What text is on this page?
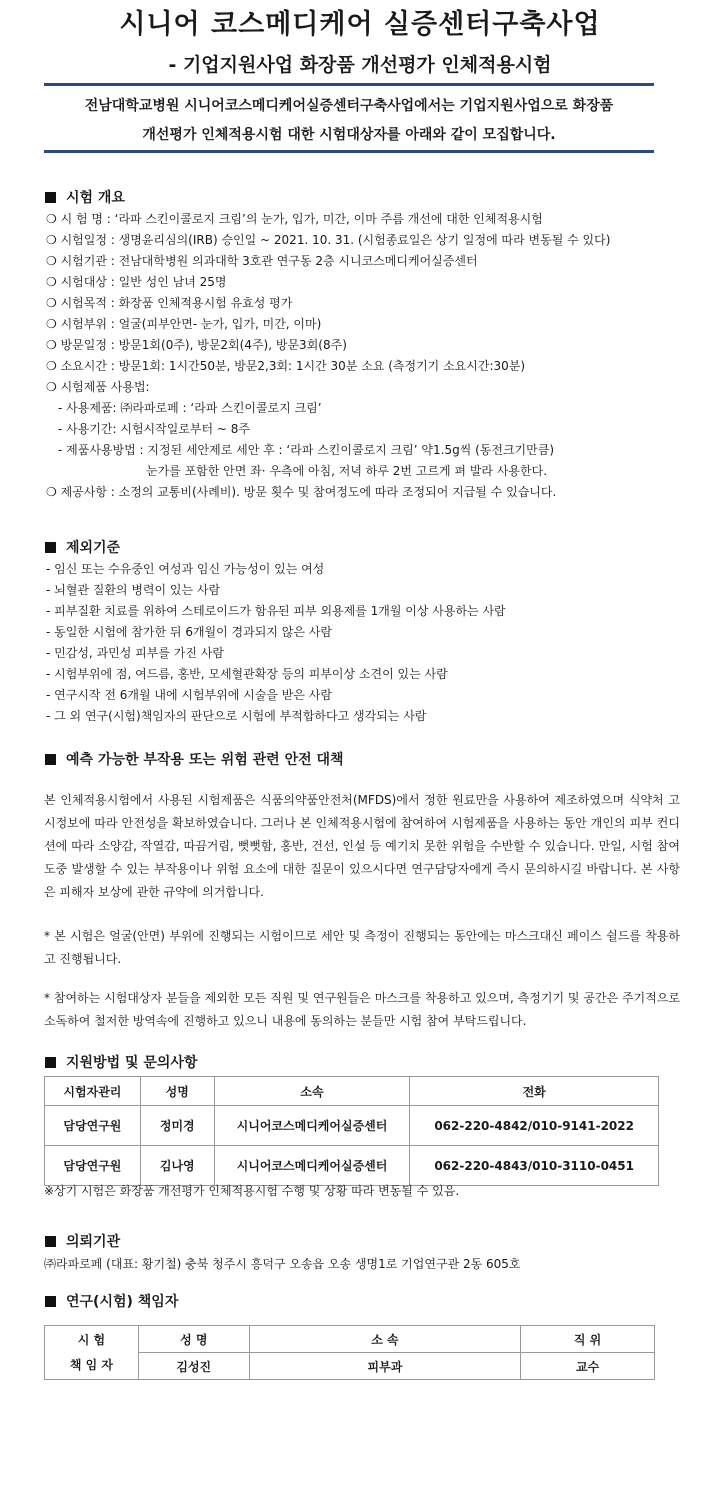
시니어 코스메디케어 실증센터구축사업
- 기업지원사업 화장품 개선평가 인체적용시험
전남대학교병원 시니어코스메디케어실증센터구축사업에서는 기업지원사업으로 화장품
개선평가 인체적용시험 대한 시험대상자를 아래와 같이 모집합니다.
시험 개요
❍ 시 험 명 : ‘라파 스킨이콜로지 크림’의 눈가, 입가, 미간, 이마 주름 개선에 대한 인체적용시험
❍ 시험일정 : 생명윤리심의(IRB) 승인일 ~ 2021. 10. 31. (시험종료일은 상기 일정에 따라 변동될 수 있다)
❍ 시험기관 : 전남대학병원 의과대학 3호관 연구동 2층 시니코스메디케어실증센터
❍ 시험대상 : 일반 성인 남녀 25명
❍ 시험목적 : 화장품 인체적용시험 유효성 평가
❍ 시험부위 : 얼굴(피부안면- 눈가, 입가, 미간, 이마)
❍ 방문일정 : 방문1회(0주), 방문2회(4주), 방문3회(8주)
❍ 소요시간 : 방문1회: 1시간50분, 방문2,3회: 1시간 30분 소요 (측정기기 소요시간:30분)
❍ 시험제품 사용법:
- 사용제품: ㈜라파로페 : ‘라파 스킨이콜로지 크림’
- 사용기간: 시험시작일로부터 ~ 8주
- 제품사용방법 : 지정된 세안제로 세안 후 : ‘라파 스킨이콜로지 크림’ 약1.5g씩 (동전크기만큼)
눈가를 포함한 안면 좌· 우측에 아침, 저녁 하루 2번 고르게 펴 발라 사용한다.
❍ 제공사항 : 소정의 교통비(사례비). 방문 횟수 및 참여정도에 따라 조정되어 지급될 수 있습니다.
제외기준
- 임신 또는 수유중인 여성과 임신 가능성이 있는 여성
- 뇌혈관 질환의 병력이 있는 사람
- 피부질환 치료를 위하여 스테로이드가 함유된 피부 외용제를 1개월 이상 사용하는 사람
- 동일한 시험에 참가한 뒤 6개월이 경과되지 않은 사람
- 민감성, 과민성 피부를 가진 사람
- 시험부위에 점, 여드름, 홍반, 모세혈관확장 등의 피부이상 소견이 있는 사람
- 연구시작 전 6개월 내에 시험부위에 시술을 받은 사람
- 그 외 연구(시험)책임자의 판단으로 시험에 부적합하다고 생각되는 사람
예측 가능한 부작용 또는 위험 관련 안전 대책
본 인체적용시험에서 사용된 시험제품은 식품의약품안전처(MFDS)에서 정한 원료만을 사용하여 제조하였으며 식약처 고시정보에 따라 안전성을 확보하였습니다. 그러나 본 인체적용시험에 참여하여 시험제품을 사용하는 동안 개인의 피부 컨디션에 따라 소양감, 작열감, 따끔거림, 뻣뻣함, 홍반, 건선, 인설 등 예기치 못한 위험을 수반할 수 있습니다. 만일, 시험 참여 도중 발생할 수 있는 부작용이나 위험 요소에 대한 질문이 있으시다면 연구담당자에게 즉시 문의하시길 바랍니다. 본 사항은 피해자 보상에 관한 규약에 의거합니다.
* 본 시험은 얼굴(안면) 부위에 진행되는 시험이므로 세안 및 측정이 진행되는 동안에는 마스크대신 페이스 쉴드를 착용하고 진행됩니다.
* 참여하는 시험대상자 분들을 제외한 모든 직원 및 연구원들은 마스크를 착용하고 있으며, 측정기기 및 공간은 주기적으로 소독하여 철저한 방역속에 진행하고 있으니 내용에 동의하는 분들만 시험 참여 부탁드립니다.
지원방법 및 문의사항
시험자관리	성명	소속	전화
담당연구원	정미경	시니어코스메디케어실증센터	062-220-4842/010-9141-2022
담당연구원	김나영	시니어코스메디케어실증센터	062-220-4843/010-3110-0451
※상기 시험은 화장품 개선평가 인체적용시험 수행 및 상황 따라 변동될 수 있음.
의뢰기관
㈜라파로페 (대표: 황기철) 충북 청주시 흥덕구 오송읍 오송 생명1로 기업연구관 2동 605호
연구(시험) 책임자
시 험
책 임 자	성 명	소 속	직 위
	김성진	피부과	교수
